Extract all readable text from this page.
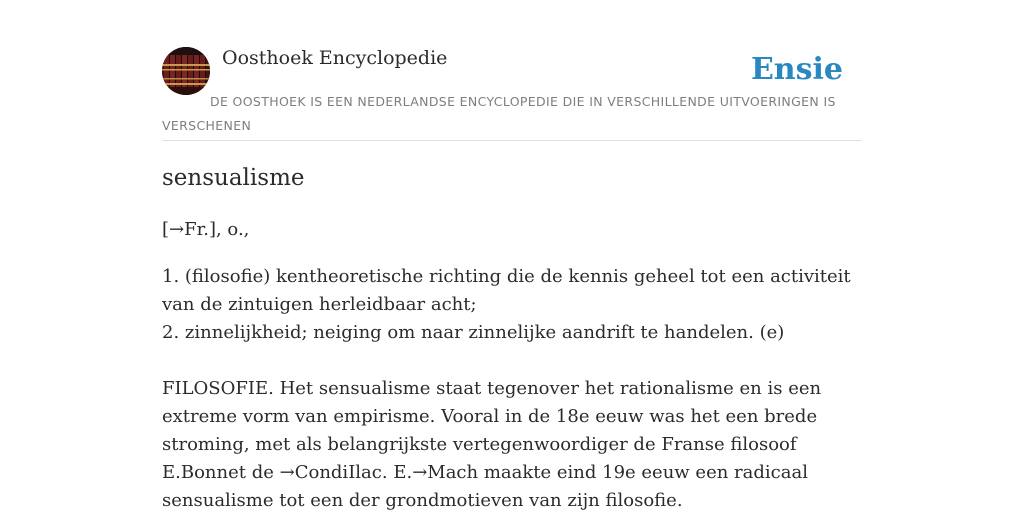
Oosthoek Encyclopedie	Ensie
DE OOSTHOEK IS EEN NEDERLANDSE ENCYCLOPEDIE DIE IN VERSCHILLENDE UITVOERINGEN IS VERSCHENEN
sensualisme

[→Fr.], o.,

1. (filosofie) kentheoretische richting die de kennis geheel tot een activiteit van de zintuigen herleidbaar acht;

2. zinnelijkheid; neiging om naar zinnelijke aandrift te handelen. (e)

FILOSOFIE. Het sensualisme staat tegenover het rationalisme en is een extreme vorm van empirisme. Vooral in de 18e eeuw was het een brede stroming, met als belangrijkste vertegenwoordiger de Franse filosoof E.Bonnet de →CondiIlac. E.→Mach maakte eind 19e eeuw een radicaal sensualisme tot een der grondmotieven van zijn filosofie.
